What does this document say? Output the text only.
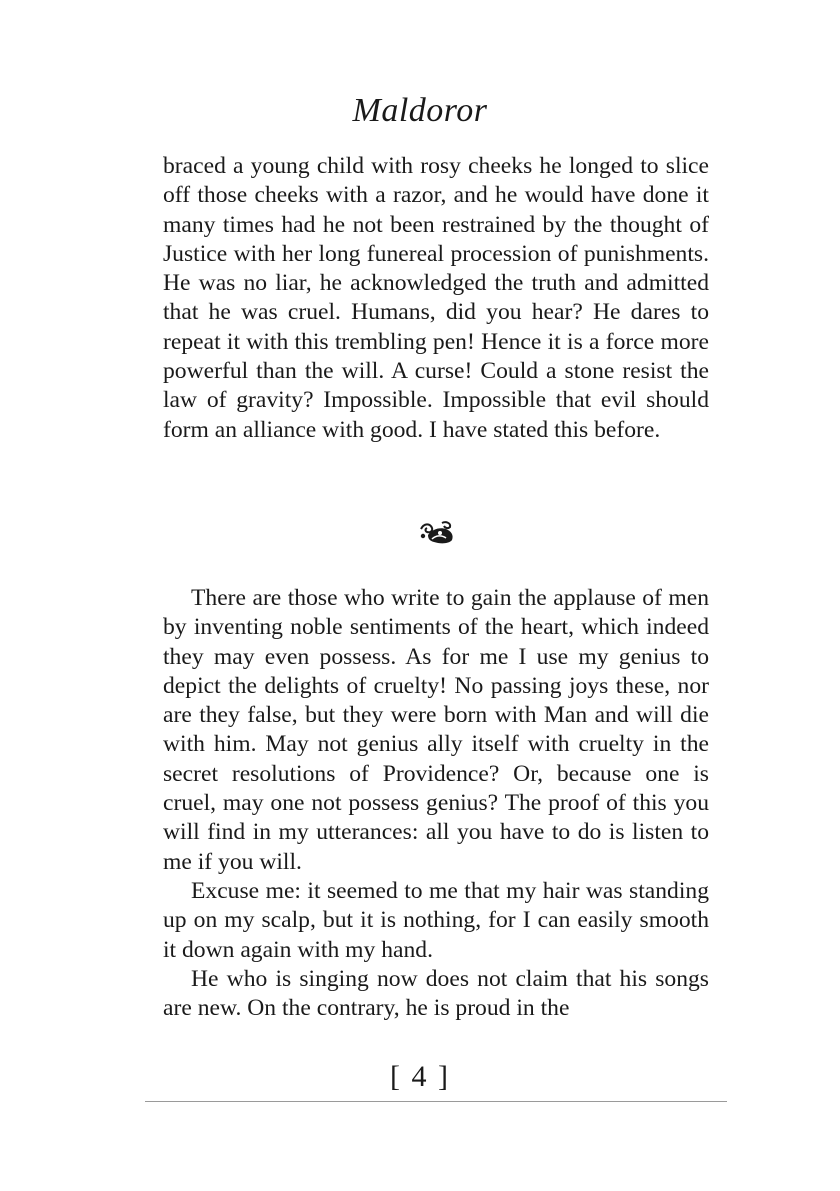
Maldoror

braced a young child with rosy cheeks he longed to slice off those cheeks with a razor, and he would have done it many times had he not been restrained by the thought of Justice with her long funereal procession of punishments. He was no liar, he acknowledged the truth and admitted that he was cruel. Humans, did you hear? He dares to repeat it with this trembling pen! Hence it is a force more powerful than the will. A curse! Could a stone resist the law of gravity? Impossible. Impossible that evil should form an alliance with good. I have stated this before.

There are those who write to gain the applause of men by inventing noble sentiments of the heart, which indeed they may even possess. As for me I use my genius to depict the delights of cruelty! No passing joys these, nor are they false, but they were born with Man and will die with him. May not genius ally itself with cruelty in the secret resolutions of Providence? Or, because one is cruel, may one not possess genius? The proof of this you will find in my utterances: all you have to do is listen to me if you will.

Excuse me: it seemed to me that my hair was standing up on my scalp, but it is nothing, for I can easily smooth it down again with my hand.

He who is singing now does not claim that his songs are new. On the contrary, he is proud in the

[ 4 ]
